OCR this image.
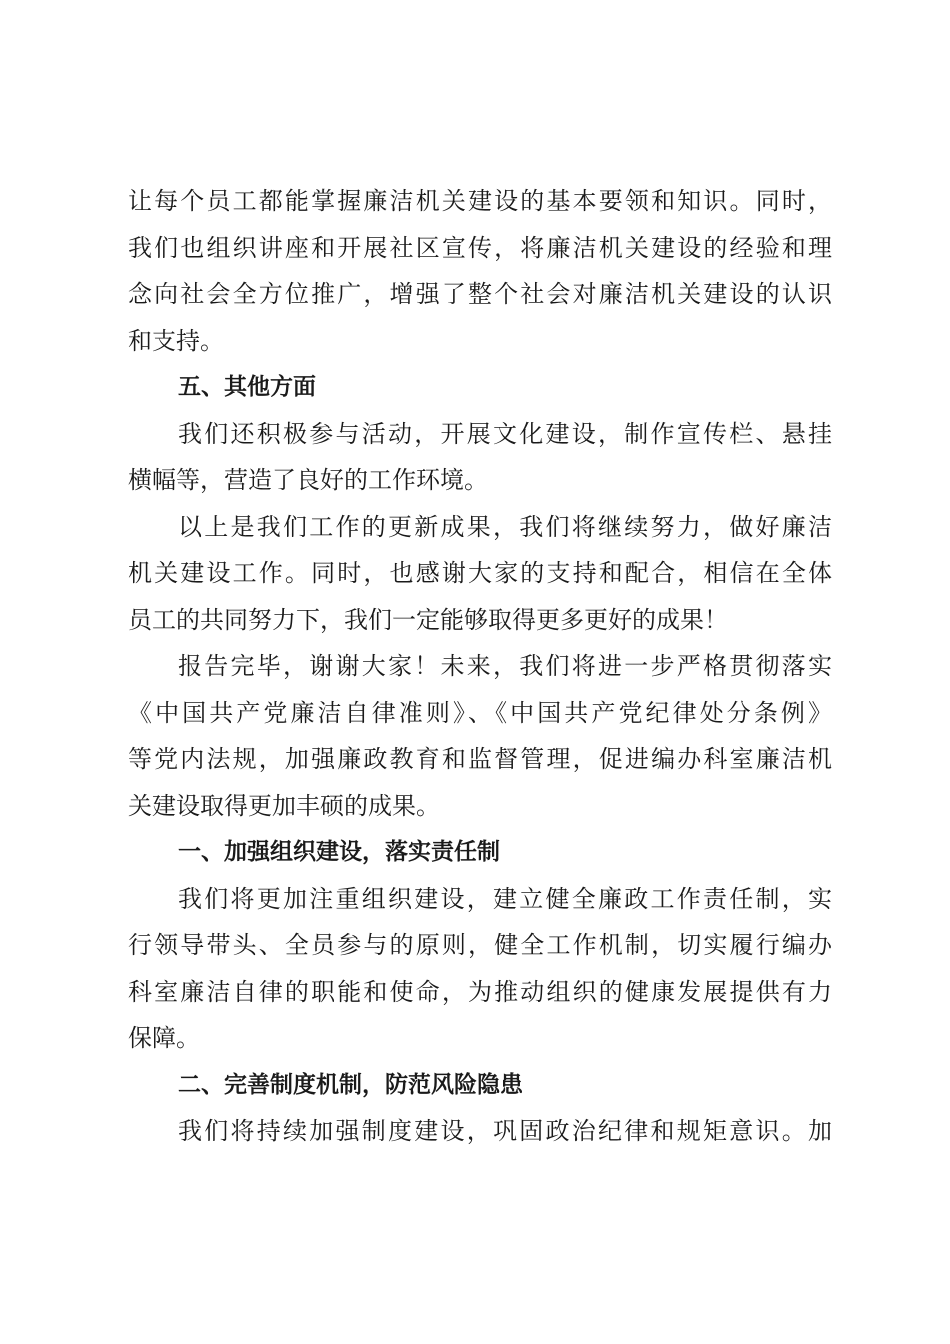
让每个员工都能掌握廉洁机关建设的基本要领和知识。同时，
我们也组织讲座和开展社区宣传，将廉洁机关建设的经验和理
念向社会全方位推广，增强了整个社会对廉洁机关建设的认识
和支持。
五、其他方面
我们还积极参与活动，开展文化建设，制作宣传栏、悬挂
横幅等，营造了良好的工作环境。
以上是我们工作的更新成果，我们将继续努力，做好廉洁
机关建设工作。同时，也感谢大家的支持和配合，相信在全体
员工的共同努力下，我们一定能够取得更多更好的成果！
报告完毕，谢谢大家！未来，我们将进一步严格贯彻落实
《中国共产党廉洁自律准则》、《中国共产党纪律处分条例》
等党内法规，加强廉政教育和监督管理，促进编办科室廉洁机
关建设取得更加丰硕的成果。
一、加强组织建设，落实责任制
我们将更加注重组织建设，建立健全廉政工作责任制，实
行领导带头、全员参与的原则，健全工作机制，切实履行编办
科室廉洁自律的职能和使命，为推动组织的健康发展提供有力
保障。
二、完善制度机制，防范风险隐患
我们将持续加强制度建设，巩固政治纪律和规矩意识。加
